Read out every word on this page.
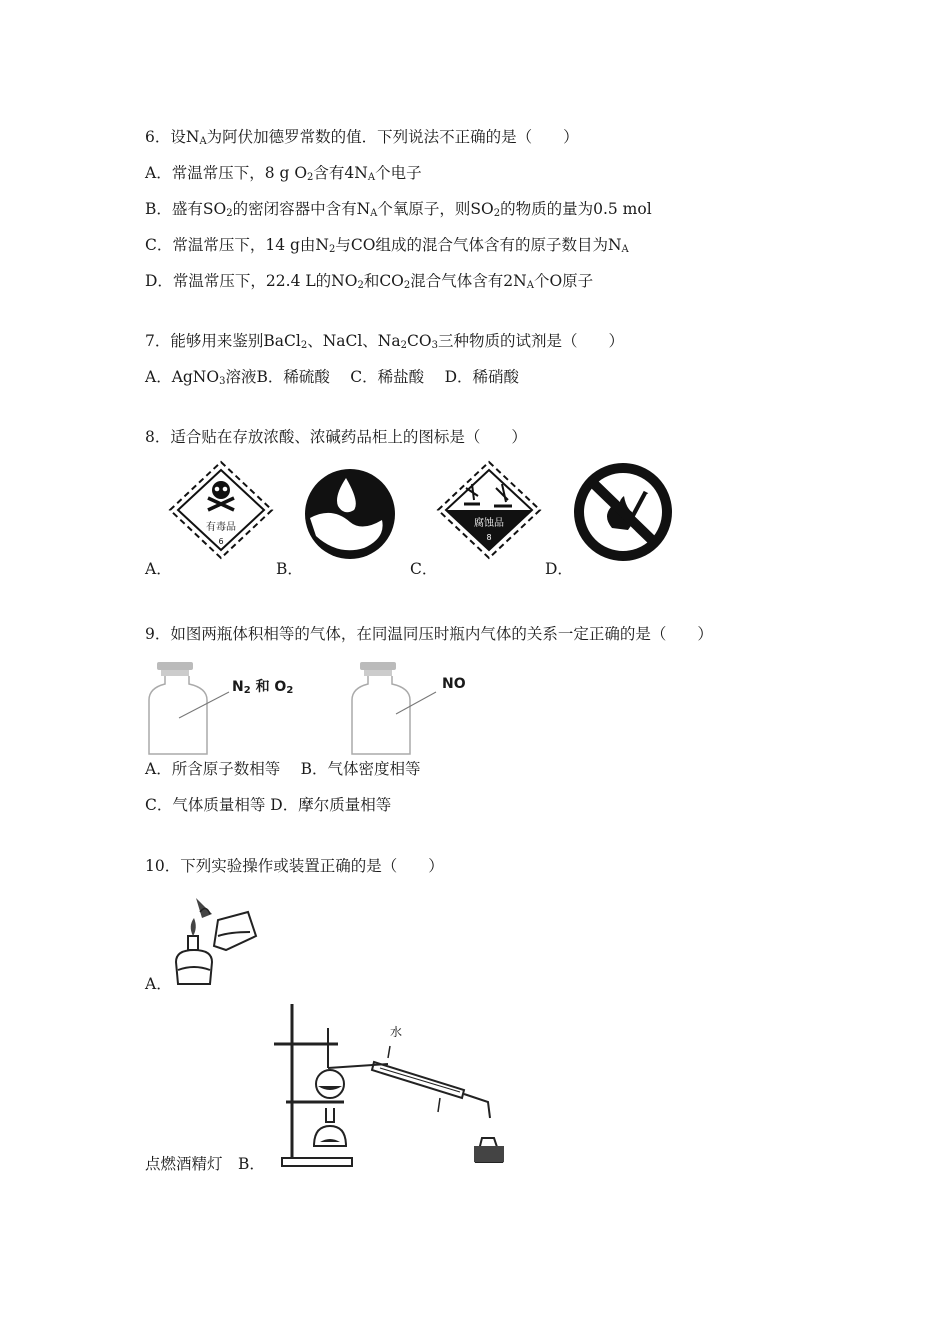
6．设$N_A$为阿伏加德罗常数的值．下列说法不正确的是（　　）
A．常温常压下，8 g $O_2$含有$4N_A$个电子
B．盛有$SO_2$的密闭容器中含有$N_A$个氧原子，则$SO_2$的物质的量为0.5 mol
C．常温常压下，14 g由$N_2$与CO组成的混合气体含有的原子数目为$N_A$
D．常温常压下，22.4 L的$NO_2$和$CO_2$混合气体含有$2N_A$个O原子
7．能够用来鉴别BaCl$_2$、NaCl、$Na_2CO_3$三种物质的试剂是（　　）
A．AgNO$_3$溶液B．稀硫酸　 C．稀盐酸　 D．稀硝酸
8．适合贴在存放浓酸、浓碱药品柜上的图标是（　　）
有毒品
6
腐蚀品
8
A．	B．	C．	D．
9．如图两瓶体积相等的气体，在同温同压时瓶内气体的关系一定正确的是（　　）
$N_2$ 和 $O_2$	NO
A．所含原子数相等　 B．气体密度相等
C．气体质量相等 D．摩尔质量相等
10．下列实验操作或装置正确的是（　　）
A．
水
点燃酒精灯　B．
